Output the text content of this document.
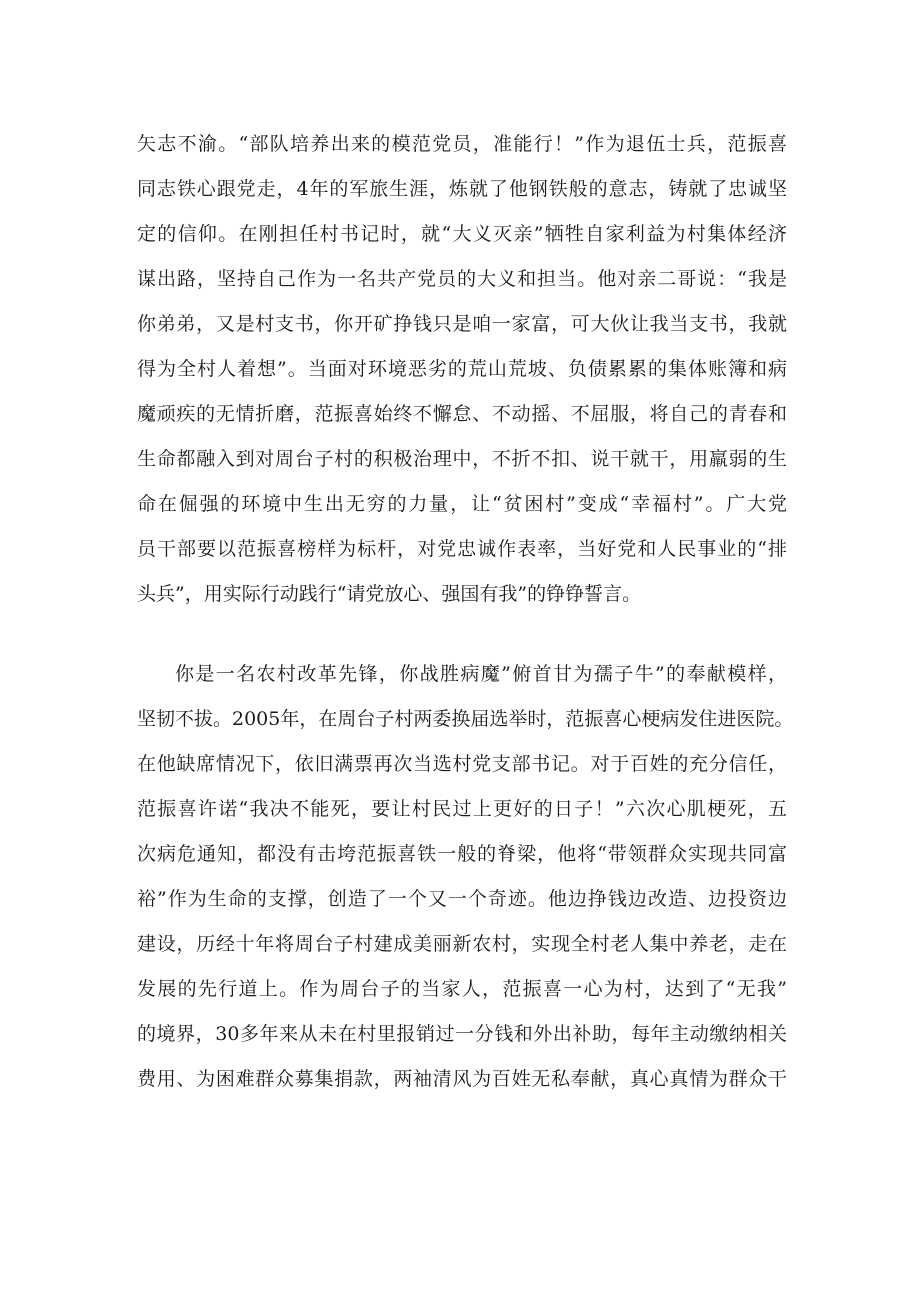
矢志不渝。“部队培养出来的模范党员，准能行！”作为退伍士兵，范振喜
同志铁心跟党走，4年的军旅生涯，炼就了他钢铁般的意志，铸就了忠诚坚
定的信仰。在刚担任村书记时，就“大义灭亲”牺牲自家利益为村集体经济
谋出路，坚持自己作为一名共产党员的大义和担当。他对亲二哥说：“我是
你弟弟，又是村支书，你开矿挣钱只是咱一家富，可大伙让我当支书，我就
得为全村人着想”。当面对环境恶劣的荒山荒坡、负债累累的集体账簿和病
魔顽疾的无情折磨，范振喜始终不懈怠、不动摇、不屈服，将自己的青春和
生命都融入到对周台子村的积极治理中，不折不扣、说干就干，用羸弱的生
命在倔强的环境中生出无穷的力量，让“贫困村”变成“幸福村”。广大党
员干部要以范振喜榜样为标杆，对党忠诚作表率，当好党和人民事业的“排
头兵”，用实际行动践行“请党放心、强国有我”的铮铮誓言。
你是一名农村改革先锋，你战胜病魔”俯首甘为孺子牛”的奉献模样，
坚韧不拔。2005年，在周台子村两委换届选举时，范振喜心梗病发住进医院。
在他缺席情况下，依旧满票再次当选村党支部书记。对于百姓的充分信任，
范振喜许诺“我决不能死，要让村民过上更好的日子！”六次心肌梗死，五
次病危通知，都没有击垮范振喜铁一般的脊梁，他将“带领群众实现共同富
裕”作为生命的支撑，创造了一个又一个奇迹。他边挣钱边改造、边投资边
建设，历经十年将周台子村建成美丽新农村，实现全村老人集中养老，走在
发展的先行道上。作为周台子的当家人，范振喜一心为村，达到了“无我”
的境界，30多年来从未在村里报销过一分钱和外出补助，每年主动缴纳相关
费用、为困难群众募集捐款，两袖清风为百姓无私奉献，真心真情为群众干
